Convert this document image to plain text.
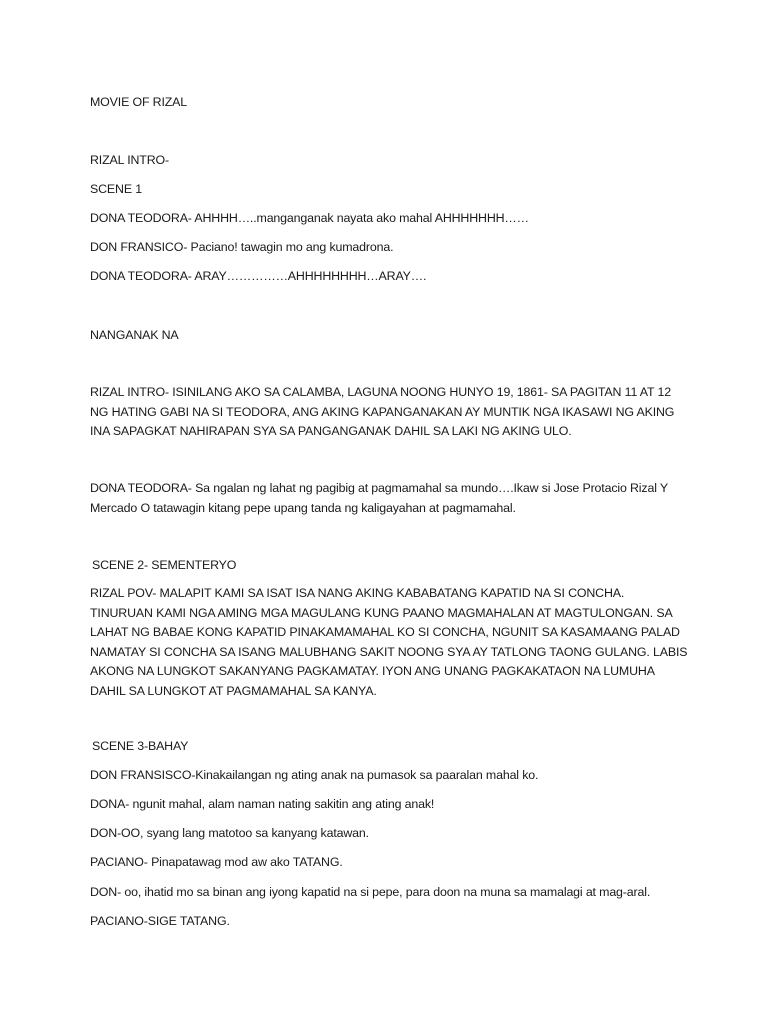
MOVIE OF RIZAL
RIZAL INTRO-
SCENE 1
DONA TEODORA- AHHHH…..manganganak nayata ako mahal AHHHHHHH……
DON FRANSICO- Paciano! tawagin mo ang kumadrona.
DONA TEODORA- ARAY……………AHHHHHHHH…ARAY….
NANGANAK NA
RIZAL INTRO- ISINILANG AKO SA CALAMBA, LAGUNA NOONG HUNYO 19, 1861- SA PAGITAN 11 AT 12 NG HATING GABI NA SI TEODORA, ANG AKING KAPANGANAKAN AY MUNTIK NGA IKASAWI NG AKING INA SAPAGKAT NAHIRAPAN SYA SA PANGANGANAK DAHIL SA LAKI NG AKING ULO.
DONA TEODORA- Sa ngalan ng lahat ng pagibig at pagmamahal sa mundo….Ikaw si Jose Protacio Rizal Y Mercado O tatawagin kitang pepe upang tanda ng kaligayahan at pagmamahal.
SCENE 2- SEMENTERYO
RIZAL POV- MALAPIT KAMI SA ISAT ISA NANG AKING KABABATANG KAPATID NA SI CONCHA. TINURUAN KAMI NGA AMING MGA MAGULANG KUNG PAANO MAGMAHALAN AT MAGTULONGAN. SA LAHAT NG BABAE KONG KAPATID PINAKAMAMAHAL KO SI CONCHA, NGUNIT SA KASAMAANG PALAD NAMATAY SI CONCHA SA ISANG MALUBHANG SAKIT NOONG SYA AY TATLONG TAONG GULANG. LABIS AKONG NA LUNGKOT SAKANYANG PAGKAMATAY. IYON ANG UNANG PAGKAKATAON NA LUMUHA DAHIL SA LUNGKOT AT PAGMAMAHAL SA KANYA.
SCENE 3-BAHAY
DON FRANSISCO-Kinakailangan ng ating anak na pumasok sa paaralan mahal ko.
DONA- ngunit mahal, alam naman nating sakitin ang ating anak!
DON-OO, syang lang matotoo sa kanyang katawan.
PACIANO- Pinapatawag mod aw ako TATANG.
DON- oo, ihatid mo sa binan ang iyong kapatid na si pepe, para doon na muna sa mamalagi at mag-aral.
PACIANO-SIGE TATANG.
